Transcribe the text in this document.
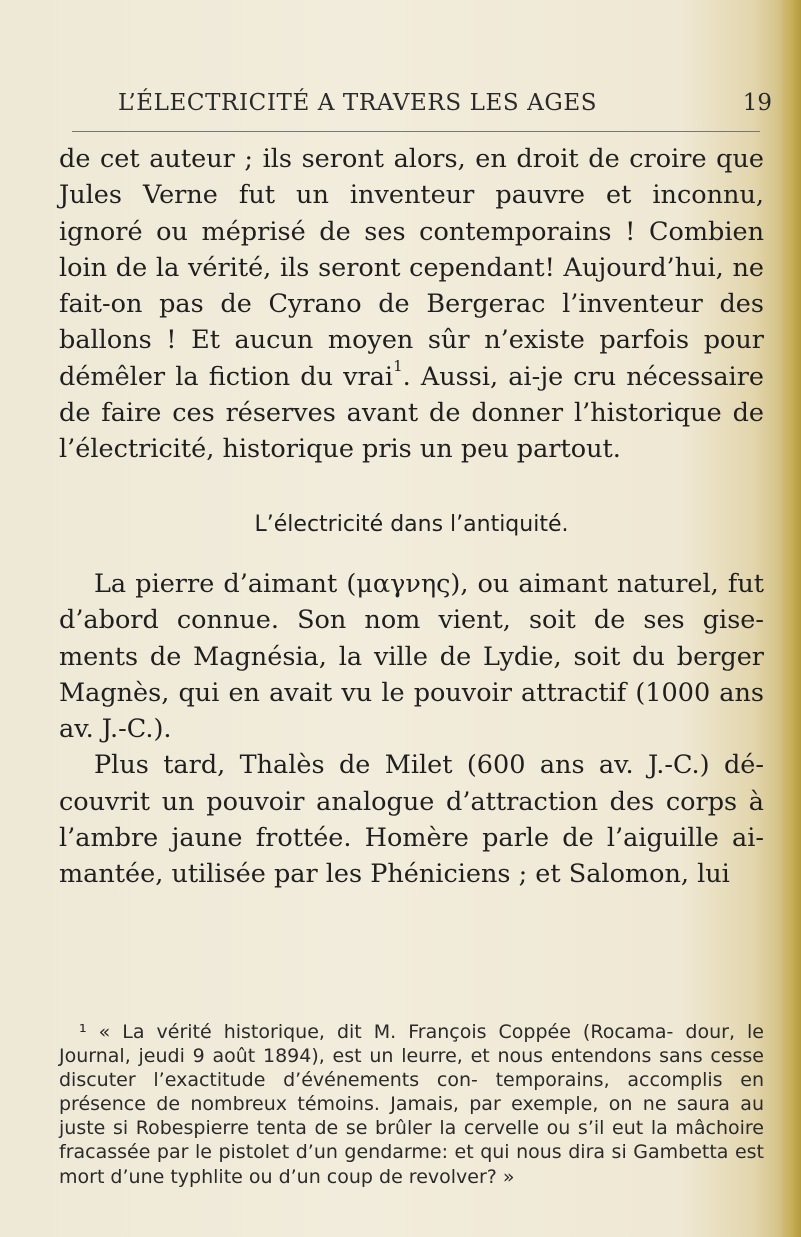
L’ÉLECTRICITÉ A TRAVERS LES AGES	19

de cet auteur ; ils seront alors, en droit de croire que Jules Verne fut un inventeur pauvre et inconnu, ignoré ou méprisé de ses contemporains ! Combien loin de la vérité, ils seront cependant! Aujourd’hui, ne fait-on pas de Cyrano de Bergerac l’inventeur des ballons ! Et aucun moyen sûr n’existe parfois pour démêler la fiction du vrai$^1$. Aussi, ai-je cru nécessaire de faire ces réserves avant de donner l’historique de l’électricité, historique pris un peu partout.

L’électricité dans l’antiquité.

La pierre d’aimant (μαγνης), ou aimant naturel, fut d’abord connue. Son nom vient, soit de ses gise- ments de Magnésia, la ville de Lydie, soit du berger Magnès, qui en avait vu le pouvoir attractif (1000 ans av. J.-C.).

Plus tard, Thalès de Milet (600 ans av. J.-C.) dé- couvrit un pouvoir analogue d’attraction des corps à l’ambre jaune frottée. Homère parle de l’aiguille ai- mantée, utilisée par les Phéniciens ; et Salomon, lui

¹ « La vérité historique, dit M. François Coppée (Rocama- dour, le Journal, jeudi 9 août 1894), est un leurre, et nous entendons sans cesse discuter l’exactitude d’événements con- temporains, accomplis en présence de nombreux témoins. Jamais, par exemple, on ne saura au juste si Robespierre tenta de se brûler la cervelle ou s’il eut la mâchoire fracassée par le pistolet d’un gendarme: et qui nous dira si Gambetta est mort d’une typhlite ou d’un coup de revolver? »
